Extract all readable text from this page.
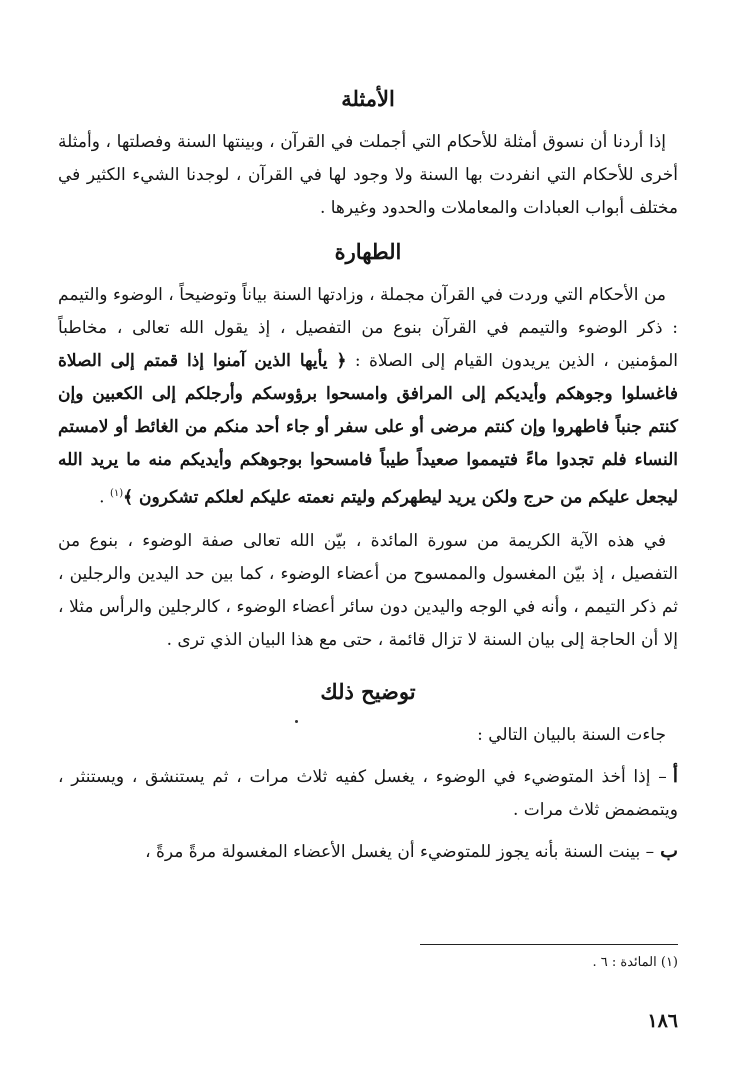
الأمثلة

إذا أردنا أن نسوق أمثلة للأحكام التي أجملت في القرآن ، وبينتها السنة وفصلتها ، وأمثلة أخرى للأحكام التي انفردت بها السنة ولا وجود لها في القرآن ، لوجدنا الشيء الكثير في مختلف أبواب العبادات والمعاملات والحدود وغيرها .

الطهارة

من الأحكام التي وردت في القرآن مجملة ، وزادتها السنة بياناً وتوضيحاً ، الوضوء والتيمم : ذكر الوضوء والتيمم في القرآن بنوع من التفصيل ، إذ يقول الله تعالى ، مخاطباً المؤمنين ، الذين يريدون القيام إلى الصلاة : ﴿ يأيها الذين آمنوا إذا قمتم إلى الصلاة فاغسلوا وجوهكم وأيديكم إلى المرافق وامسحوا برؤوسكم وأرجلكم إلى الكعبين وإن كنتم جنباً فاطهروا وإن كنتم مرضى أو على سفر أو جاء أحد منكم من الغائط أو لامستم النساء فلم تجدوا ماءً فتيمموا صعيداً طيباً فامسحوا بوجوهكم وأيديكم منه ما يريد الله ليجعل عليكم من حرج ولكن يريد ليطهركم وليتم نعمته عليكم لعلكم تشكرون ﴾$^{(١)}$ .

في هذه الآية الكريمة من سورة المائدة ، بيّن الله تعالى صفة الوضوء ، بنوع من التفصيل ، إذ بيّن المغسول والممسوح من أعضاء الوضوء ، كما بين حد اليدين والرجلين ، ثم ذكر التيمم ، وأنه في الوجه واليدين دون سائر أعضاء الوضوء ، كالرجلين والرأس مثلا ، إلا أن الحاجة إلى بيان السنة لا تزال قائمة ، حتى مع هذا البيان الذي ترى .

توضيح ذلك

جاءت السنة بالبيان التالي :

أ– إذا أخذ المتوضيء في الوضوء ، يغسل كفيه ثلاث مرات ، ثم يستنشق ، ويستنثر ، ويتمضمض ثلاث مرات .

ب– بينت السنة بأنه يجوز للمتوضيء أن يغسل الأعضاء المغسولة مرةً مرةً ،

(١) المائدة : ٦ .
١٨٦
